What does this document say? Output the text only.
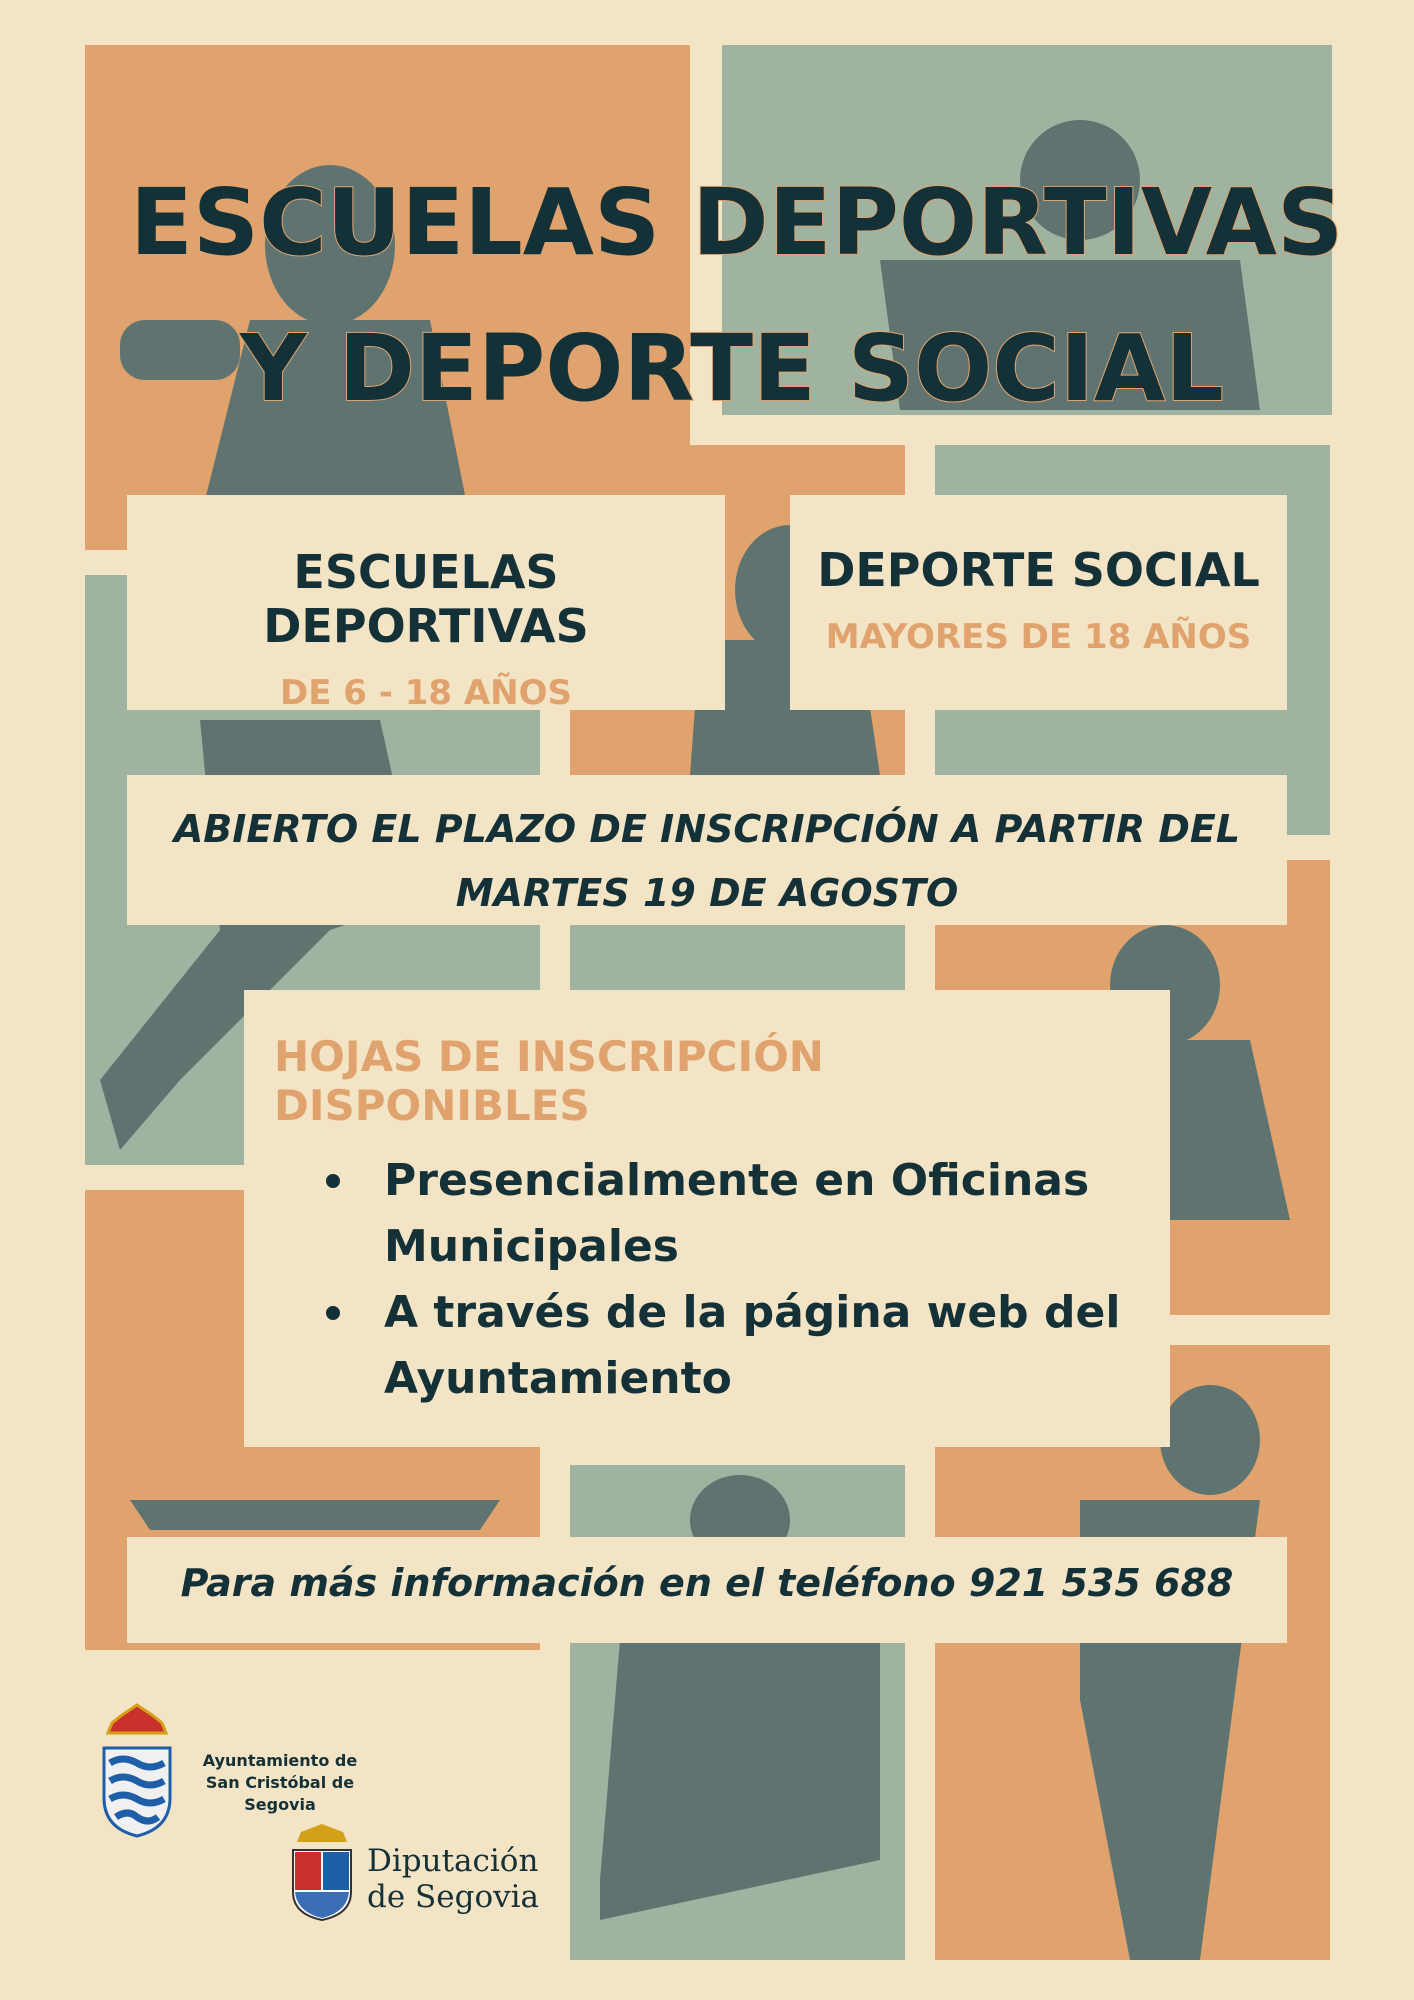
ESCUELAS DEPORTIVAS
Y DEPORTE SOCIAL
ESCUELAS DEPORTIVAS
DE 6 - 18 AÑOS
DEPORTE SOCIAL
MAYORES DE 18 AÑOS
ABIERTO EL PLAZO DE INSCRIPCIÓN A PARTIR DEL
MARTES 19 DE AGOSTO
HOJAS DE INSCRIPCIÓN DISPONIBLES
Presencialmente en Oficinas Municipales
A través de la página web del Ayuntamiento
Para más información en el teléfono 921 535 688
Ayuntamiento de
San Cristóbal de Segovia
Diputación
de Segovia
